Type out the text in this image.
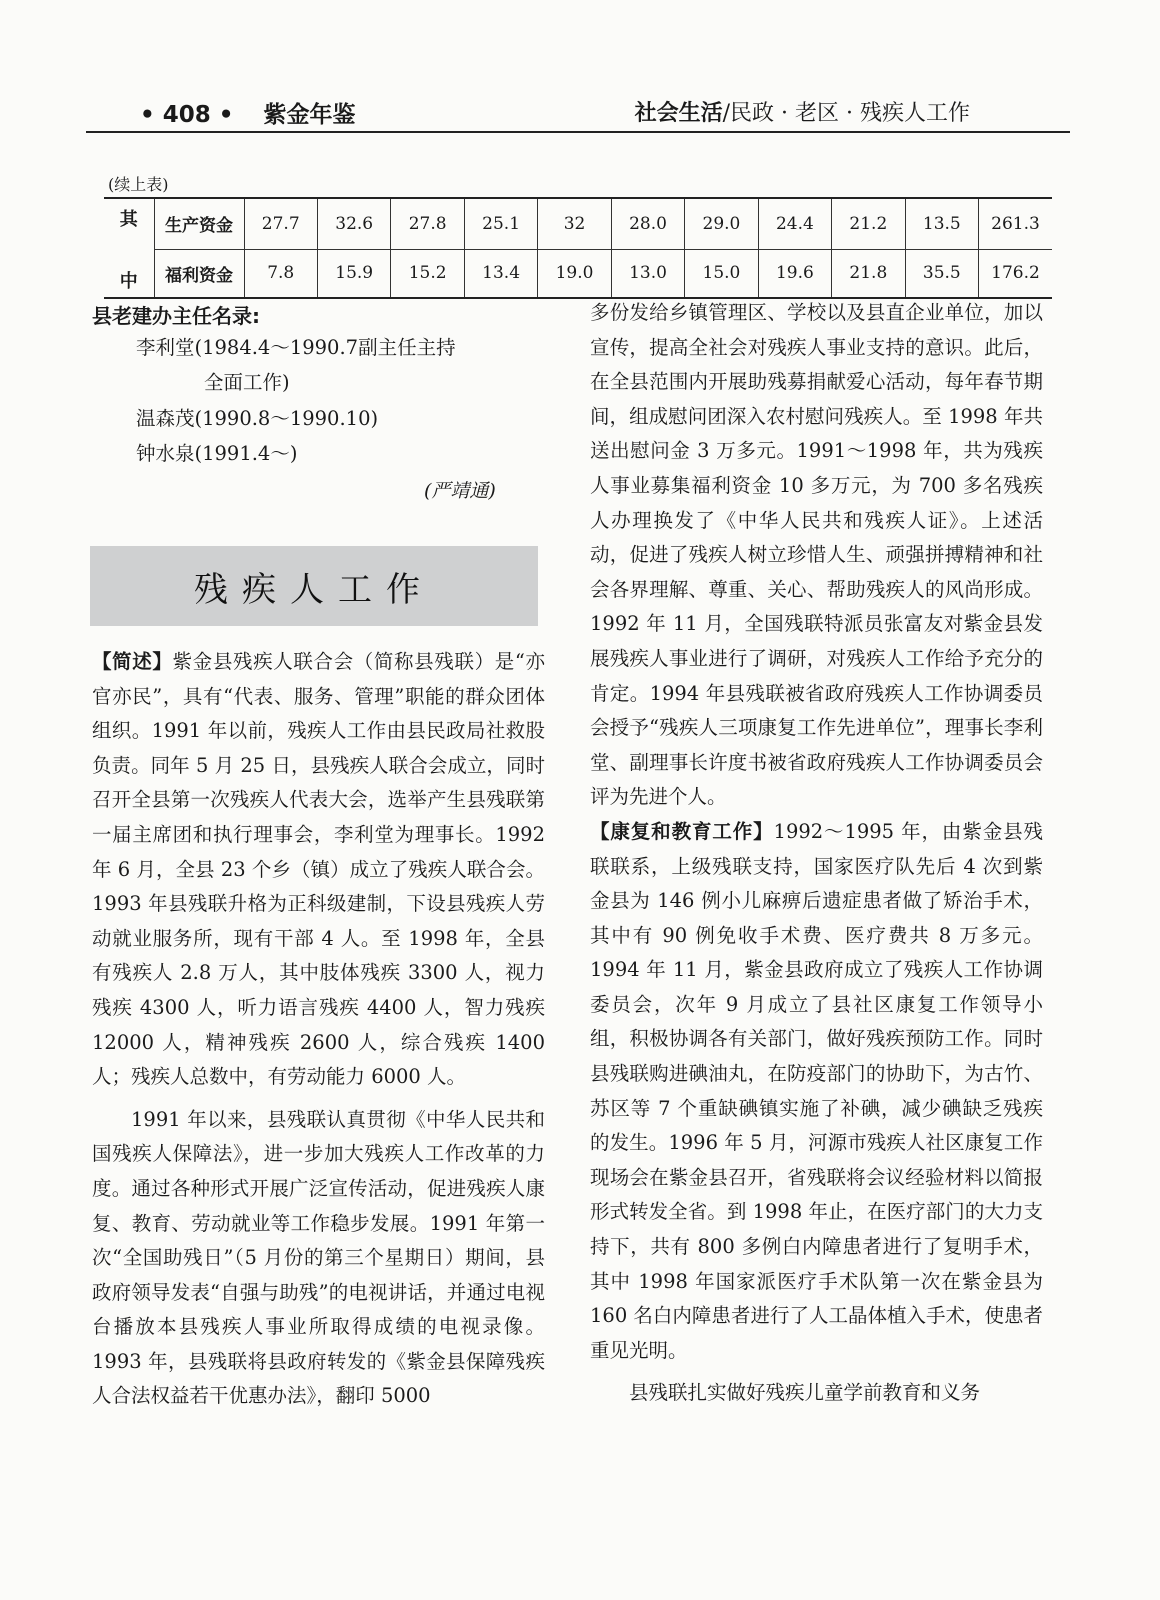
• 408 • 紫金年鉴	社会生活/民政 · 老区 · 残疾人工作
(续上表)
其	生产资金	27.7	32.6	27.8	25.1	32	28.0	29.0	24.4	21.2	13.5	261.3
中	福利资金	7.8	15.9	15.2	13.4	19.0	13.0	15.0	19.6	21.8	35.5	176.2
县老建办主任名录:
李利堂(1984.4～1990.7副主任主持
全面工作)
温森茂(1990.8～1990.10)
钟水泉(1991.4～)
(严靖通)
残疾人工作

【简述】紫金县残疾人联合会（简称县残联）是“亦官亦民”，具有“代表、服务、管理”职能的群众团体组织。1991 年以前，残疾人工作由县民政局社救股负责。同年 5 月 25 日，县残疾人联合会成立，同时召开全县第一次残疾人代表大会，选举产生县残联第一届主席团和执行理事会，李利堂为理事长。1992 年 6 月，全县 23 个乡（镇）成立了残疾人联合会。1993 年县残联升格为正科级建制，下设县残疾人劳动就业服务所，现有干部 4 人。至 1998 年，全县有残疾人 2.8 万人，其中肢体残疾 3300 人，视力残疾 4300 人，听力语言残疾 4400 人，智力残疾 12000 人，精神残疾 2600 人，综合残疾 1400 人；残疾人总数中，有劳动能力 6000 人。

1991 年以来，县残联认真贯彻《中华人民共和国残疾人保障法》，进一步加大残疾人工作改革的力度。通过各种形式开展广泛宣传活动，促进残疾人康复、教育、劳动就业等工作稳步发展。1991 年第一次“全国助残日”（5 月份的第三个星期日）期间，县政府领导发表“自强与助残”的电视讲话，并通过电视台播放本县残疾人事业所取得成绩的电视录像。1993 年，县残联将县政府转发的《紫金县保障残疾人合法权益若干优惠办法》，翻印 5000

多份发给乡镇管理区、学校以及县直企业单位，加以宣传，提高全社会对残疾人事业支持的意识。此后，在全县范围内开展助残募捐献爱心活动，每年春节期间，组成慰问团深入农村慰问残疾人。至 1998 年共送出慰问金 3 万多元。1991～1998 年，共为残疾人事业募集福利资金 10 多万元，为 700 多名残疾人办理换发了《中华人民共和残疾人证》。上述活动，促进了残疾人树立珍惜人生、顽强拼搏精神和社会各界理解、尊重、关心、帮助残疾人的风尚形成。1992 年 11 月，全国残联特派员张富友对紫金县发展残疾人事业进行了调研，对残疾人工作给予充分的肯定。1994 年县残联被省政府残疾人工作协调委员会授予“残疾人三项康复工作先进单位”，理事长李利堂、副理事长许度书被省政府残疾人工作协调委员会评为先进个人。

【康复和教育工作】1992～1995 年，由紫金县残联联系，上级残联支持，国家医疗队先后 4 次到紫金县为 146 例小儿麻痹后遗症患者做了矫治手术，其中有 90 例免收手术费、医疗费共 8 万多元。1994 年 11 月，紫金县政府成立了残疾人工作协调委员会，次年 9 月成立了县社区康复工作领导小组，积极协调各有关部门，做好残疾预防工作。同时县残联购进碘油丸，在防疫部门的协助下，为古竹、苏区等 7 个重缺碘镇实施了补碘，减少碘缺乏残疾的发生。1996 年 5 月，河源市残疾人社区康复工作现场会在紫金县召开，省残联将会议经验材料以简报形式转发全省。到 1998 年止，在医疗部门的大力支持下，共有 800 多例白内障患者进行了复明手术，其中 1998 年国家派医疗手术队第一次在紫金县为 160 名白内障患者进行了人工晶体植入手术，使患者重见光明。

县残联扎实做好残疾儿童学前教育和义务
